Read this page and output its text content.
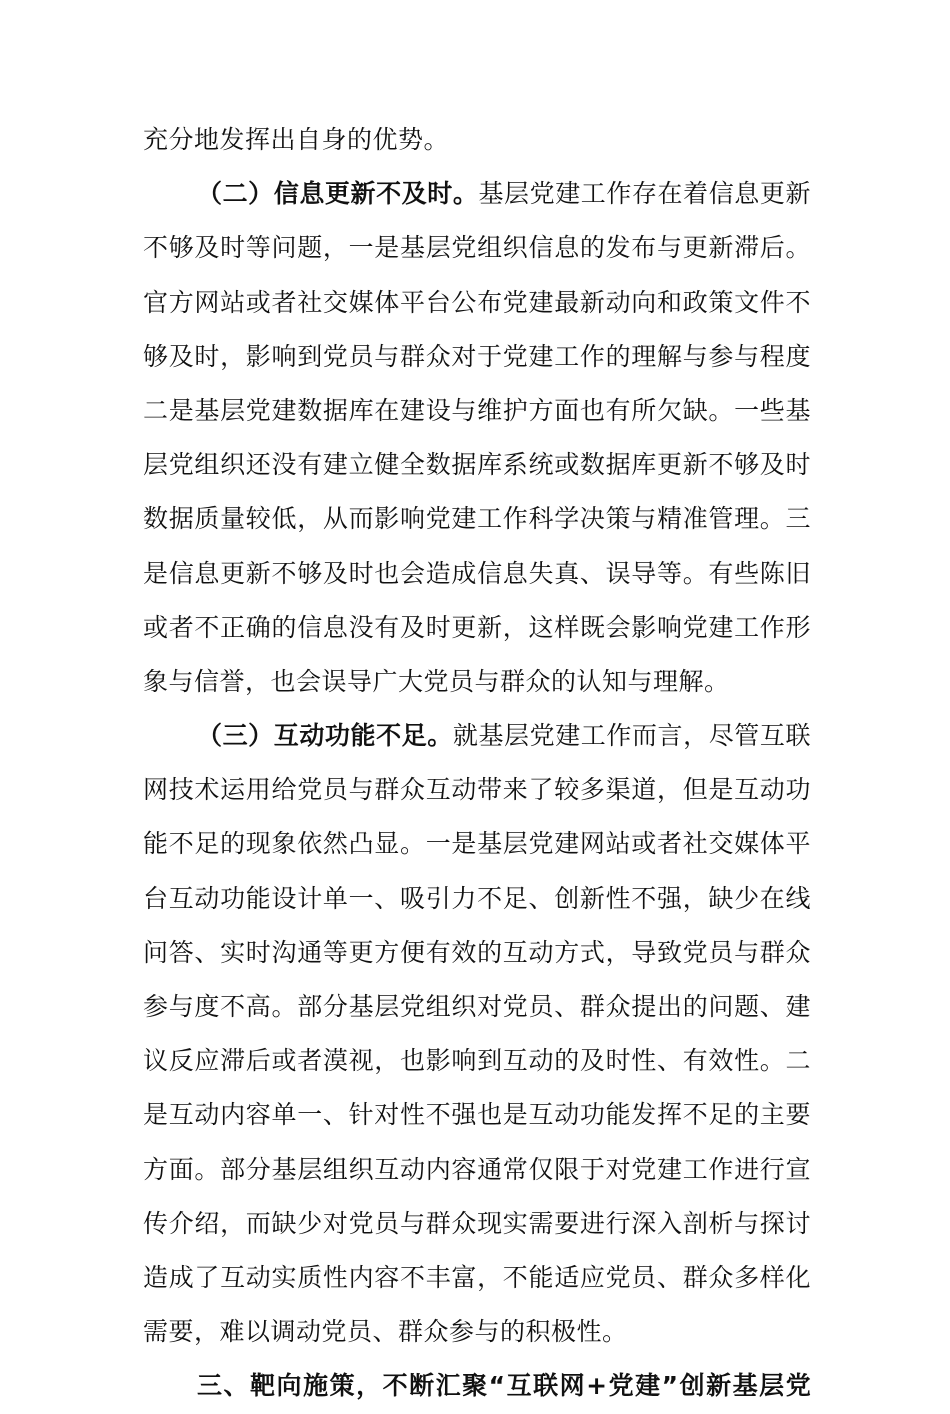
充分地发挥出自身的优势。
（二）信息更新不及时。基层党建工作存在着信息更新
不够及时等问题，一是基层党组织信息的发布与更新滞后。
官方网站或者社交媒体平台公布党建最新动向和政策文件不
够及时，影响到党员与群众对于党建工作的理解与参与程度
二是基层党建数据库在建设与维护方面也有所欠缺。一些基
层党组织还没有建立健全数据库系统或数据库更新不够及时
数据质量较低，从而影响党建工作科学决策与精准管理。三
是信息更新不够及时也会造成信息失真、误导等。有些陈旧
或者不正确的信息没有及时更新，这样既会影响党建工作形
象与信誉，也会误导广大党员与群众的认知与理解。
（三）互动功能不足。就基层党建工作而言，尽管互联
网技术运用给党员与群众互动带来了较多渠道，但是互动功
能不足的现象依然凸显。一是基层党建网站或者社交媒体平
台互动功能设计单一、吸引力不足、创新性不强，缺少在线
问答、实时沟通等更方便有效的互动方式，导致党员与群众
参与度不高。部分基层党组织对党员、群众提出的问题、建
议反应滞后或者漠视，也影响到互动的及时性、有效性。二
是互动内容单一、针对性不强也是互动功能发挥不足的主要
方面。部分基层组织互动内容通常仅限于对党建工作进行宣
传介绍，而缺少对党员与群众现实需要进行深入剖析与探讨
造成了互动实质性内容不丰富，不能适应党员、群众多样化
需要，难以调动党员、群众参与的积极性。
三、靶向施策，不断汇聚“互联网+党建”创新基层党
